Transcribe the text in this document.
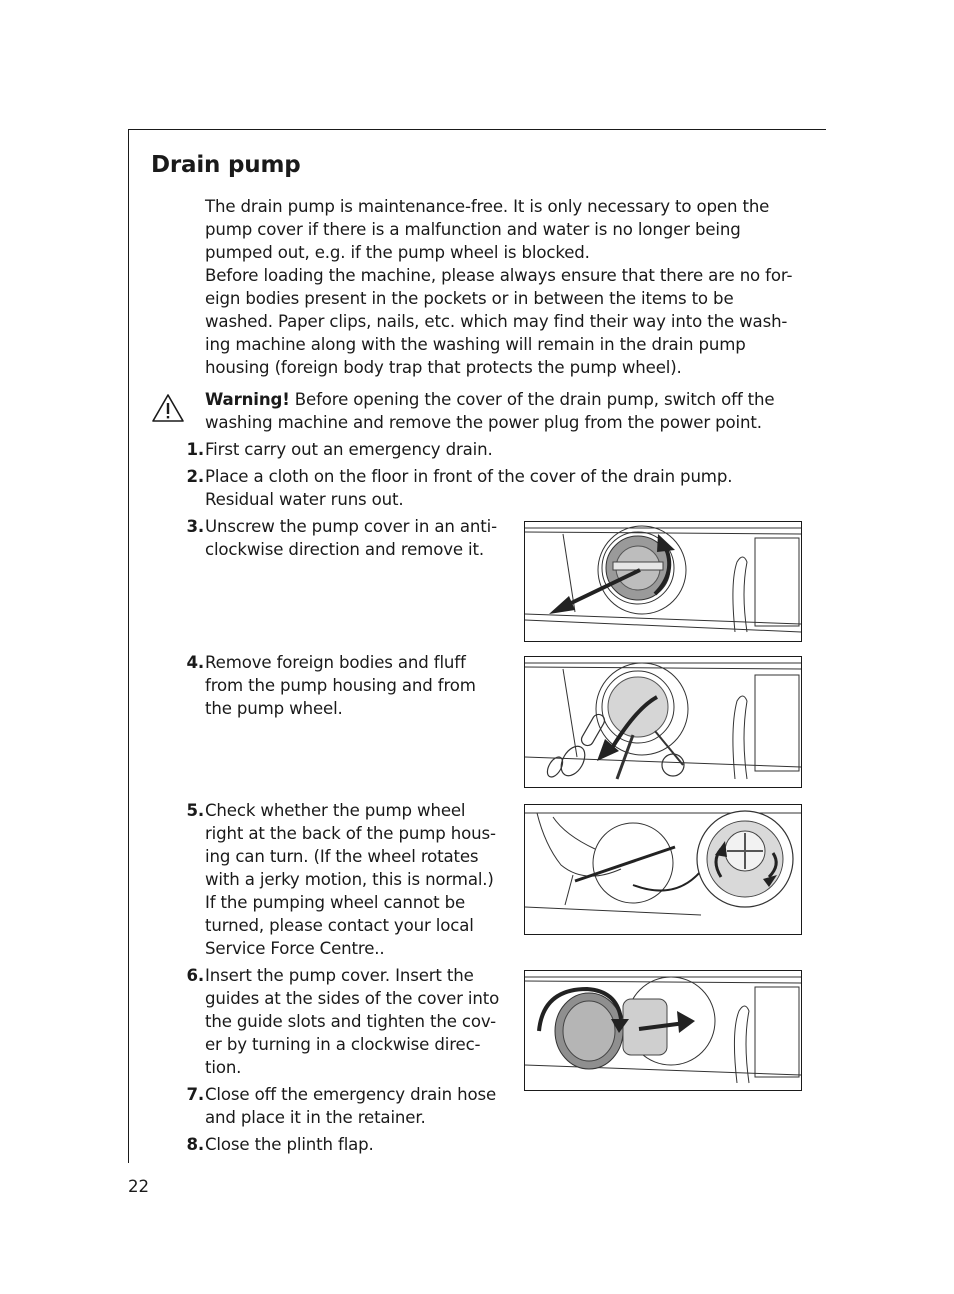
Drain pump

The drain pump is maintenance-free. It is only necessary to open the
pump cover if there is a malfunction and water is no longer being
pumped out, e.g. if the pump wheel is blocked.
Before loading the machine, please always ensure that there are no for-
eign bodies present in the pockets or in between the items to be
washed. Paper clips, nails, etc. which may find their way into the wash-
ing machine along with the washing will remain in the drain pump
housing (foreign body trap that protects the pump wheel).

Warning! Before opening the cover of the drain pump, switch off the
washing machine and remove the power plug from the power point.

1. First carry out an emergency drain.
2. Place a cloth on the floor in front of the cover of the drain pump.
Residual water runs out.
3. Unscrew the pump cover in an anti-
clockwise direction and remove it.
4. Remove foreign bodies and fluff
from the pump housing and from
the pump wheel.
5. Check whether the pump wheel
right at the back of the pump hous-
ing can turn. (If the wheel rotates
with a jerky motion, this is normal.)
If the pumping wheel cannot be
turned, please contact your local
Service Force Centre..
6. Insert the pump cover. Insert the
guides at the sides of the cover into
the guide slots and tighten the cov-
er by turning in a clockwise direc-
tion.
7. Close off the emergency drain hose
and place it in the retainer.
8. Close the plinth flap.
22
